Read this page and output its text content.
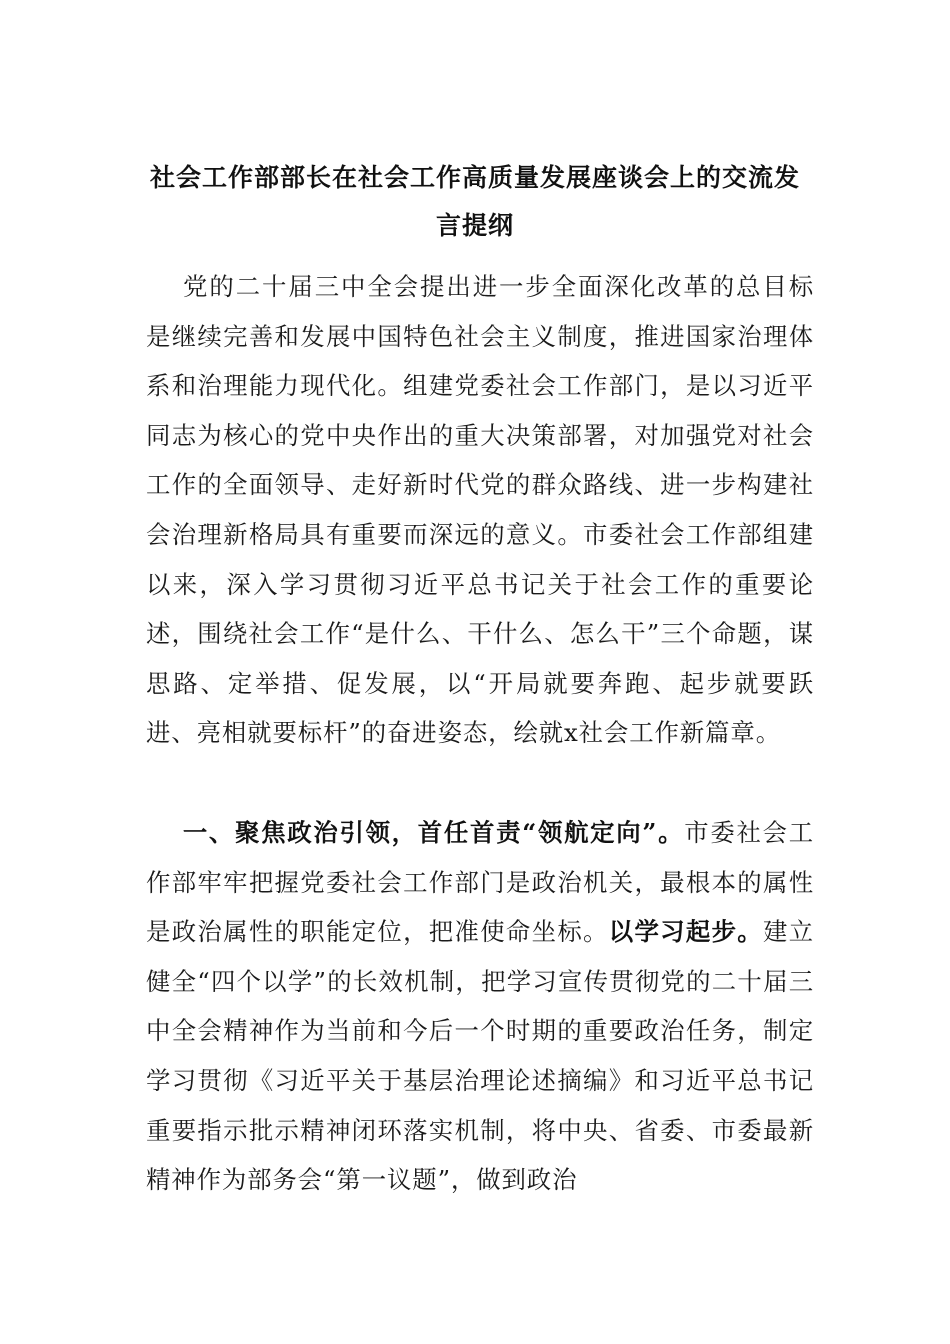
社会工作部部长在社会工作高质量发展座谈会上的交流发
言提纲
党的二十届三中全会提出进一步全面深化改革的总目标是继续完善和发展中国特色社会主义制度，推进国家治理体系和治理能力现代化。组建党委社会工作部门，是以习近平同志为核心的党中央作出的重大决策部署，对加强党对社会工作的全面领导、走好新时代党的群众路线、进一步构建社会治理新格局具有重要而深远的意义。市委社会工作部组建以来，深入学习贯彻习近平总书记关于社会工作的重要论述，围绕社会工作“是什么、干什么、怎么干”三个命题，谋思路、定举措、促发展，以“开局就要奔跑、起步就要跃进、亮相就要标杆”的奋进姿态，绘就x社会工作新篇章。
一、聚焦政治引领，首任首责“领航定向”。市委社会工作部牢牢把握党委社会工作部门是政治机关，最根本的属性是政治属性的职能定位，把准使命坐标。以学习起步。建立健全“四个以学”的长效机制，把学习宣传贯彻党的二十届三中全会精神作为当前和今后一个时期的重要政治任务，制定学习贯彻《习近平关于基层治理论述摘编》和习近平总书记重要指示批示精神闭环落实机制，将中央、省委、市委最新精神作为部务会“第一议题”，做到政治
